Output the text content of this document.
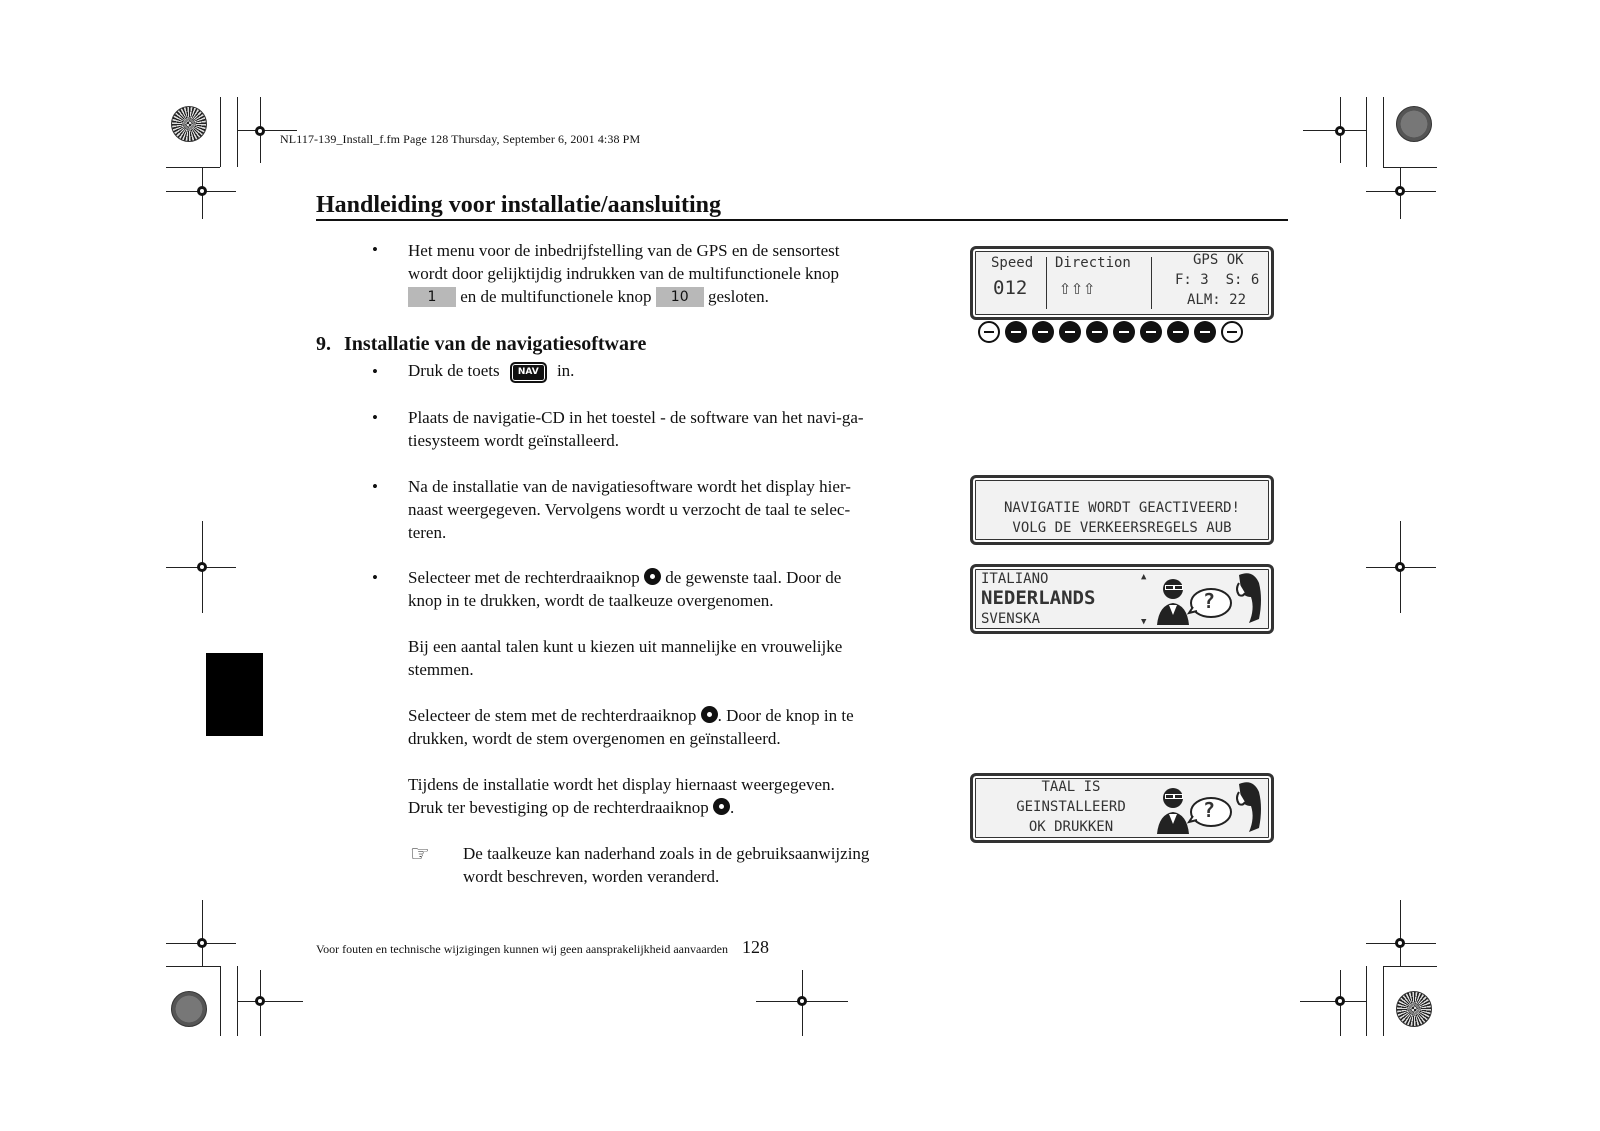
NL117-139_Install_f.fm Page 128 Thursday, September 6, 2001 4:38 PM
Handleiding voor installatie/aansluiting
• Het menu voor de inbedrijfstelling van de GPS en de sensortest
wordt door gelijktijdig indrukken van de multifunctionele knop
1 en de multifunctionele knop 10 gesloten.
9. Installatie van de navigatiesoftware
• Druk de toets NAV in.
• Plaats de navigatie-CD in het toestel - de software van het navi-ga-
tiesysteem wordt geïnstalleerd.
• Na de installatie van de navigatiesoftware wordt het display hier-
naast weergegeven. Vervolgens wordt u verzocht de taal te selec-
teren.
• Selecteer met de rechterdraaiknop de gewenste taal. Door de
knop in te drukken, wordt de taalkeuze overgenomen.
Bij een aantal talen kunt u kiezen uit mannelijke en vrouwelijke
stemmen.
Selecteer de stem met de rechterdraaiknop . Door de knop in te
drukken, wordt de stem overgenomen en geïnstalleerd.
Tijdens de installatie wordt het display hiernaast weergegeven.
Druk ter bevestiging op de rechterdraaiknop .
☞ De taalkeuze kan naderhand zoals in de gebruiksaanwijzing
wordt beschreven, worden veranderd.
Speed
012
Direction
⇧⇧⇧
GPS OK
F: 3  S: 6
ALM: 22
NAVIGATIE WORDT GEACTIVEERD!
VOLG DE VERKEERSREGELS AUB
ITALIANO
NEDERLANDS
SVENSKA
▲
▼
?
TAAL IS
GEINSTALLEERD
OK DRUKKEN
?
Voor fouten en technische wijzigingen kunnen wij geen aansprakelijkheid aanvaarden 128
